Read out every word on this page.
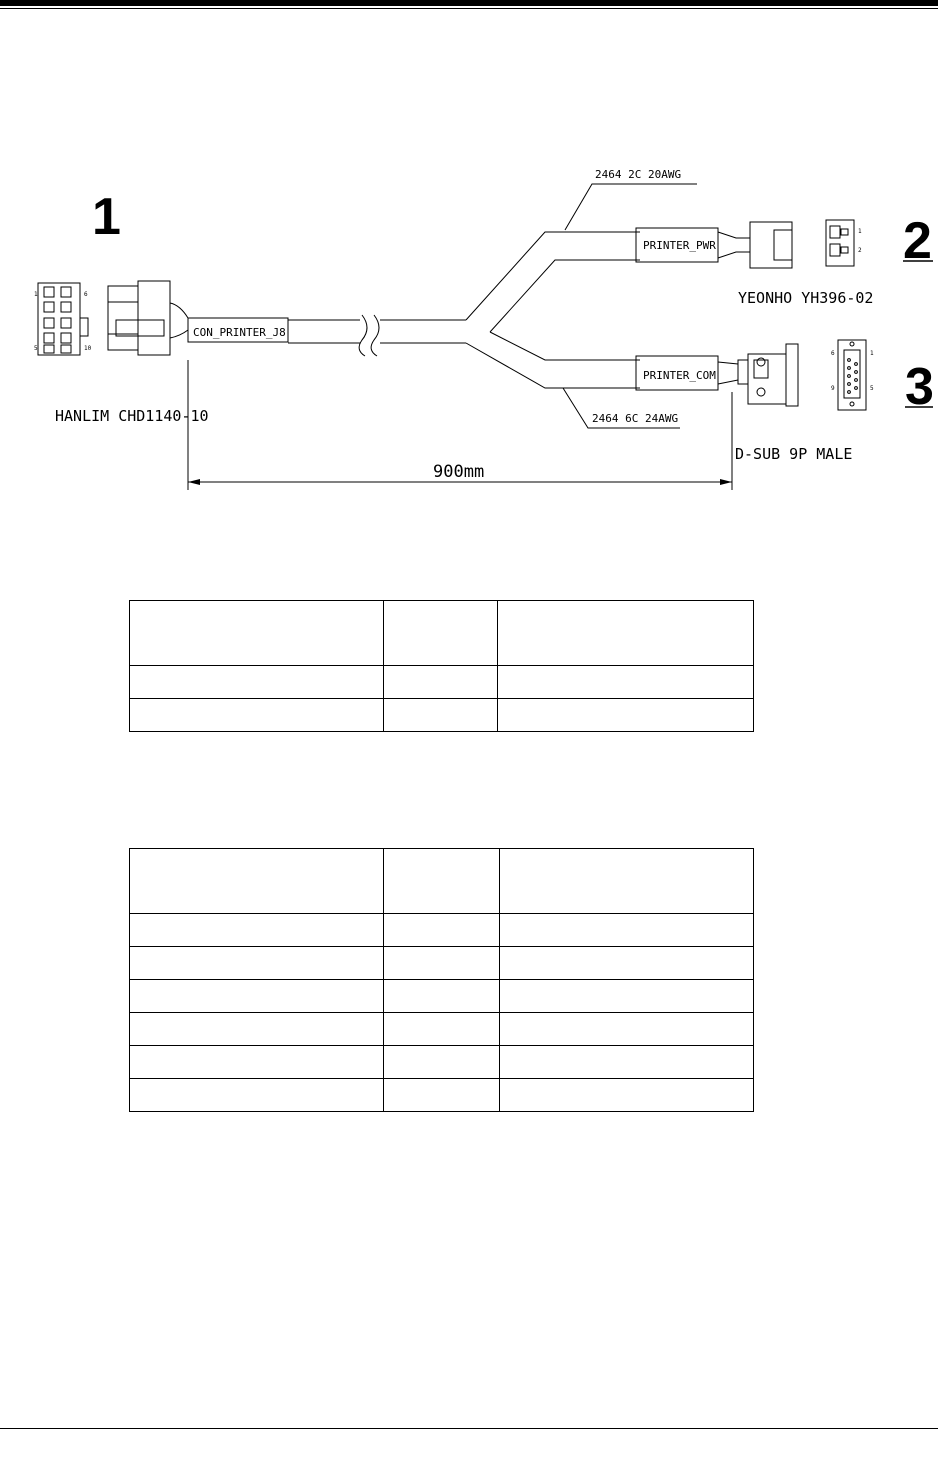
1	2
3
CON_PRINTER_J8
PRINTER_PWR
PRINTER_COM
2464 2C 20AWG
2464 6C 24AWG
HANLIM CHD1140-10
YEONHO YH396-02
D-SUB 9P MALE
900mm
1	6
5	10
1
2
6	1
9	5
